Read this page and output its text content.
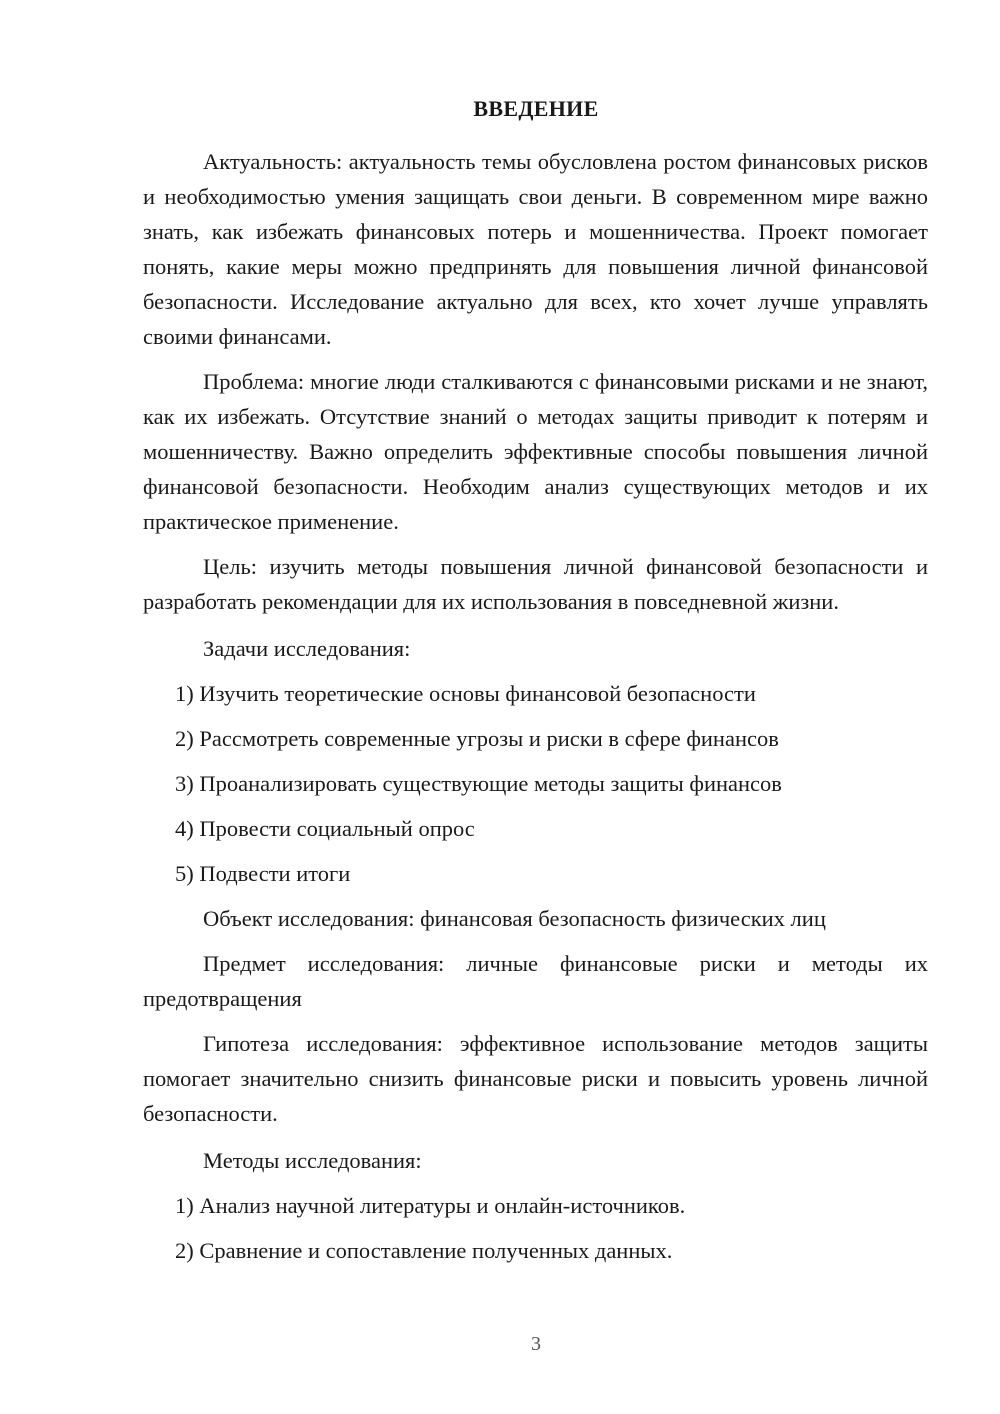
ВВЕДЕНИЕ

Актуальность: актуальность темы обусловлена ростом финансовых рисков и необходимостью умения защищать свои деньги. В современном мире важно знать, как избежать финансовых потерь и мошенничества. Проект помогает понять, какие меры можно предпринять для повышения личной финансовой безопасности. Исследование актуально для всех, кто хочет лучше управлять своими финансами.

Проблема: многие люди сталкиваются с финансовыми рисками и не знают, как их избежать. Отсутствие знаний о методах защиты приводит к потерям и мошенничеству. Важно определить эффективные способы повышения личной финансовой безопасности. Необходим анализ существующих методов и их практическое применение.

Цель: изучить методы повышения личной финансовой безопасности и разработать рекомендации для их использования в повседневной жизни.

Задачи исследования:

1) Изучить теоретические основы финансовой безопасности

2) Рассмотреть современные угрозы и риски в сфере финансов

3) Проанализировать существующие методы защиты финансов

4) Провести социальный опрос

5) Подвести итоги

Объект исследования: финансовая безопасность физических лиц

Предмет исследования: личные финансовые риски и методы их предотвращения

Гипотеза исследования: эффективное использование методов защиты помогает значительно снизить финансовые риски и повысить уровень личной безопасности.

Методы исследования:

1) Анализ научной литературы и онлайн-источников.

2) Сравнение и сопоставление полученных данных.

3
